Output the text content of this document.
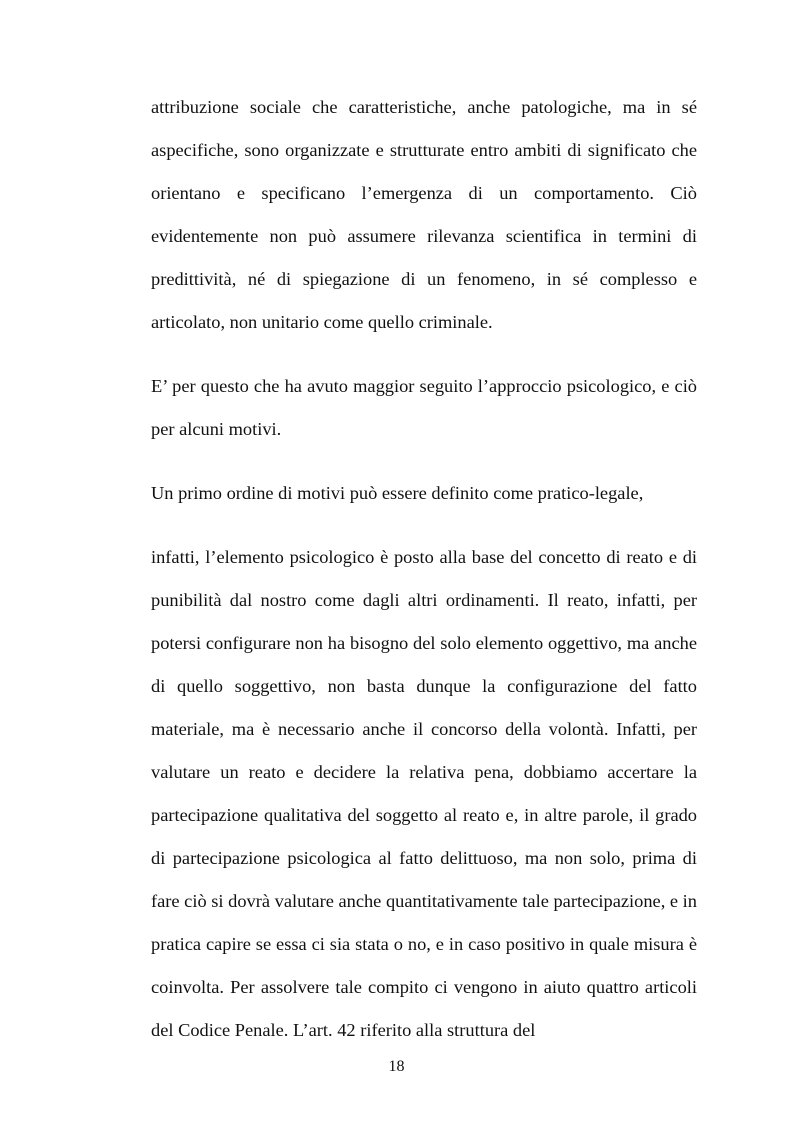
attribuzione sociale che caratteristiche, anche patologiche, ma in sé aspecifiche, sono organizzate e strutturate entro ambiti di significato che orientano e specificano l’emergenza di un comportamento. Ciò evidentemente non può assumere rilevanza scientifica in termini di predittività, né di spiegazione di un fenomeno, in sé complesso e articolato, non unitario come quello criminale.

E’ per questo che ha avuto maggior seguito l’approccio psicologico, e ciò per alcuni motivi.

Un primo ordine di motivi può essere definito come pratico-legale,

infatti, l’elemento psicologico è posto alla base del concetto di reato e di punibilità dal nostro come dagli altri ordinamenti. Il reato, infatti, per potersi configurare non ha bisogno del solo elemento oggettivo, ma anche di quello soggettivo, non basta dunque la configurazione del fatto materiale, ma è necessario anche il concorso della volontà. Infatti, per valutare un reato e decidere la relativa pena, dobbiamo accertare la partecipazione qualitativa del soggetto al reato e, in altre parole, il grado di partecipazione psicologica al fatto delittuoso, ma non solo, prima di fare ciò si dovrà valutare anche quantitativamente tale partecipazione, e in pratica capire se essa ci sia stata o no, e in caso positivo in quale misura è coinvolta. Per assolvere tale compito ci vengono in aiuto quattro articoli del Codice Penale. L’art. 42 riferito alla struttura del

18
